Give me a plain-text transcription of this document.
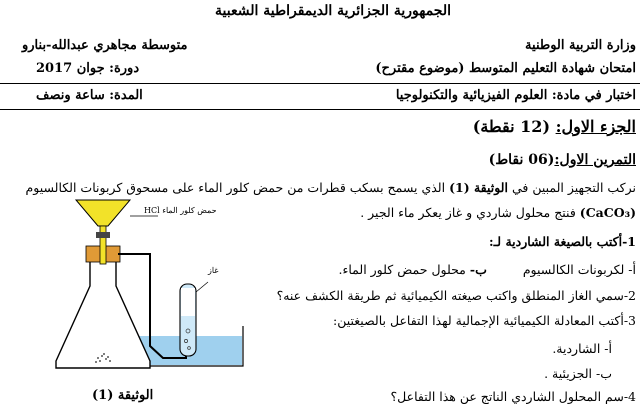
الجمهورية الجزائرية الديمقراطية الشعبية
وزارة التربية الوطنية
متوسطة مجاهري عبدالله-بنارو
امتحان شهادة التعليم المتوسط (موضوع مقترح)
دورة: جوان 2017
اختبار في مادة: العلوم الفيزيائية والتكنولوجيا
المدة: ساعة ونصف
الجزء الاول: (12 نقطة)
التمرين الاول:(06 نقاط)
نركب التجهيز المبين في الوثيقة (1) الذي يسمح بسكب قطرات من حمض كلور الماء على مسحوق كربونات الكالسيوم
(CaCO₃) فنتج محلول شاردي و غاز يعكر ماء الجير .
1-أكتب بالصيغة الشاردية لـ:
أ- لكربونات الكالسيوم  ب- محلول حمض كلور الماء.
2-سمي الغاز المنطلق واكتب صيغته الكيميائية ثم طريقة الكشف عنه؟
3-أكتب المعادلة الكيميائية الإجمالية لهذا التفاعل بالصيغتين:
أ- الشاردية.
ب- الجزيئية .
4-سم المحلول الشاردي الناتج عن هذا التفاعل؟
HCl حمض كلور الماء
غاز
الوثيقة (1)
